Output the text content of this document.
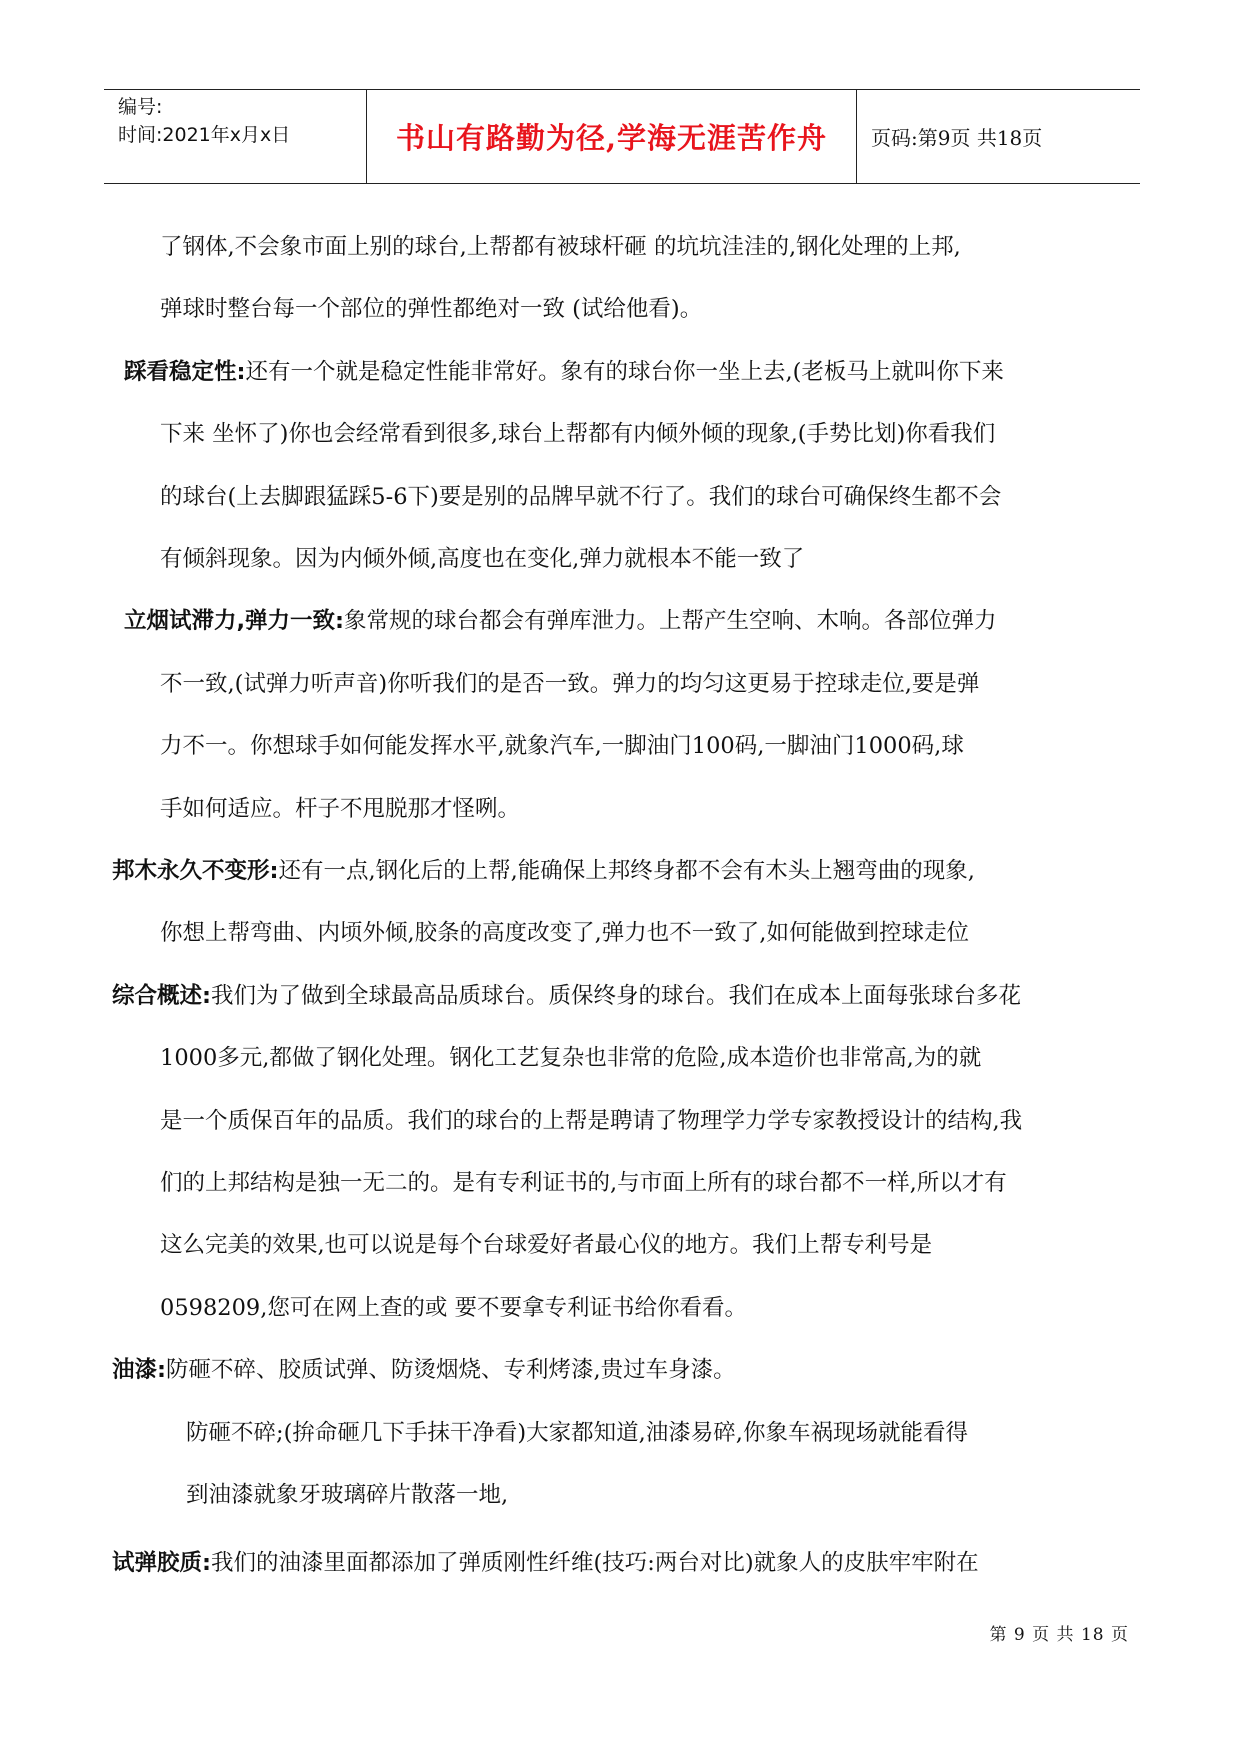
编号:
时间:2021年x月x日	书山有路勤为径,学海无涯苦作舟	页码:第9页 共18页
了钢体,不会象市面上别的球台,上帮都有被球杆砸 的坑坑洼洼的,钢化处理的上邦,
弹球时整台每一个部位的弹性都绝对一致 (试给他看)。
踩看稳定性:还有一个就是稳定性能非常好。象有的球台你一坐上去,(老板马上就叫你下来
下来 坐怀了)你也会经常看到很多,球台上帮都有内倾外倾的现象,(手势比划)你看我们
的球台(上去脚跟猛踩5-6下)要是别的品牌早就不行了。我们的球台可确保终生都不会
有倾斜现象。因为内倾外倾,高度也在变化,弹力就根本不能一致了
立烟试滞力,弹力一致:象常规的球台都会有弹库泄力。上帮产生空响、木响。各部位弹力
不一致,(试弹力听声音)你听我们的是否一致。弹力的均匀这更易于控球走位,要是弹
力不一。你想球手如何能发挥水平,就象汽车,一脚油门100码,一脚油门1000码,球
手如何适应。杆子不甩脱那才怪咧。
邦木永久不变形:还有一点,钢化后的上帮,能确保上邦终身都不会有木头上翘弯曲的现象,
你想上帮弯曲、内顷外倾,胶条的高度改变了,弹力也不一致了,如何能做到控球走位
综合概述:我们为了做到全球最高品质球台。质保终身的球台。我们在成本上面每张球台多花
1000多元,都做了钢化处理。钢化工艺复杂也非常的危险,成本造价也非常高,为的就
是一个质保百年的品质。我们的球台的上帮是聘请了物理学力学专家教授设计的结构,我
们的上邦结构是独一无二的。是有专利证书的,与市面上所有的球台都不一样,所以才有
这么完美的效果,也可以说是每个台球爱好者最心仪的地方。我们上帮专利号是
0598209,您可在网上查的或 要不要拿专利证书给你看看。
油漆:防砸不碎、胶质试弹、防烫烟烧、专利烤漆,贵过车身漆。
防砸不碎;(拚命砸几下手抹干净看)大家都知道,油漆易碎,你象车祸现场就能看得
到油漆就象牙玻璃碎片散落一地,
试弹胶质:我们的油漆里面都添加了弹质刚性纤维(技巧:两台对比)就象人的皮肤牢牢附在
第 9 页 共 18 页
